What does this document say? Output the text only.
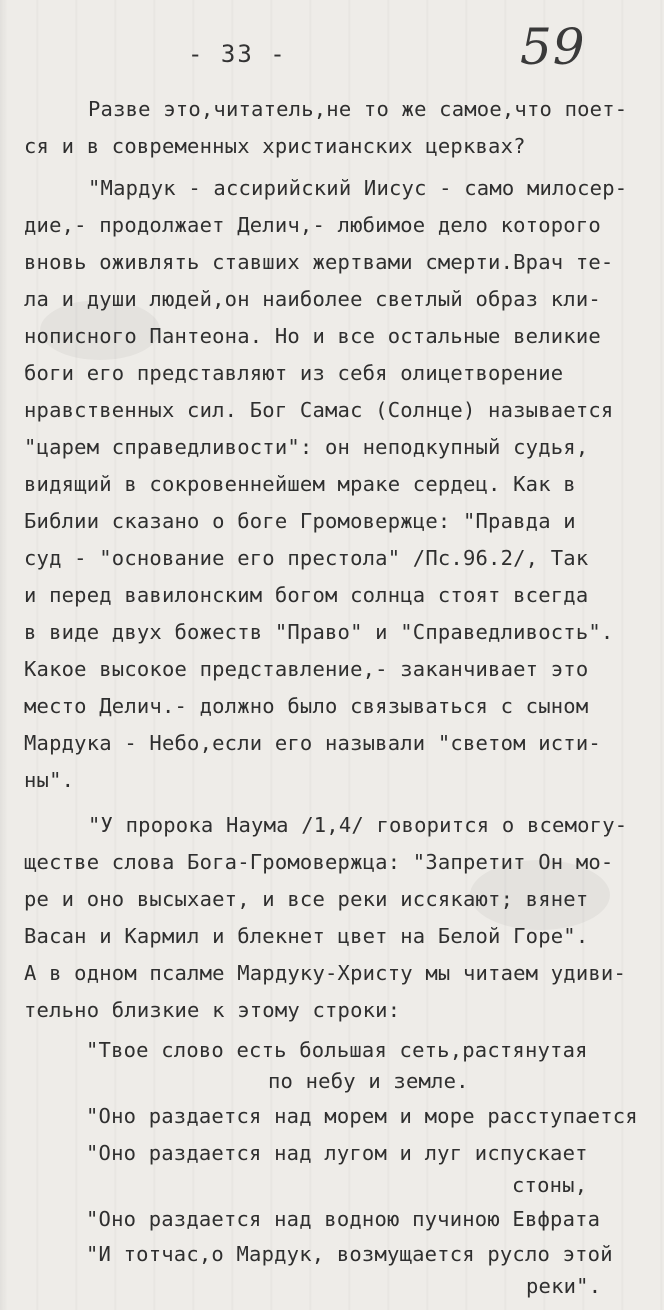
- 33 -	59
Разве это,читатель,не то же самое,что поет-
ся и в современных христианских церквах?
"Мардук - ассирийский Иисус - само милосер-
дие,- продолжает Делич,- любимое дело которого
вновь оживлять ставших жертвами смерти.Врач те-
ла и души людей,он наиболее светлый образ кли-
нописного Пантеона. Но и все остальные великие
боги его представляют из себя олицетворение
нравственных сил. Бог Самас (Солнце) называется
"царем справедливости": он неподкупный судья,
видящий в сокровеннейшем мраке сердец. Как в
Библии сказано о боге Громовержце: "Правда и
суд - "основание его престола" /Пс.96.2/, Так
и перед вавилонским богом солнца стоят всегда
в виде двух божеств "Право" и "Справедливость".
Какое высокое представление,- заканчивает это
место Делич.- должно было связываться с сыном
Мардука - Небо,если его называли "светом исти-
ны".
"У пророка Наума /1,4/ говорится о всемогу-
ществе слова Бога-Громовержца: "Запретит Он мо-
ре и оно высыхает, и все реки иссякают; вянет
Васан и Кармил и блекнет цвет на Белой Горе".
А в одном псалме Мардуку-Христу мы читаем удиви-
тельно близкие к этому строки:
"Твое слово есть большая сеть,растянутая
по небу и земле.
"Оно раздается над морем и море расступается
"Оно раздается над лугом и луг испускает
стоны,
"Оно раздается над водною пучиною Евфрата
"И тотчас,о Мардук, возмущается русло этой
реки".
